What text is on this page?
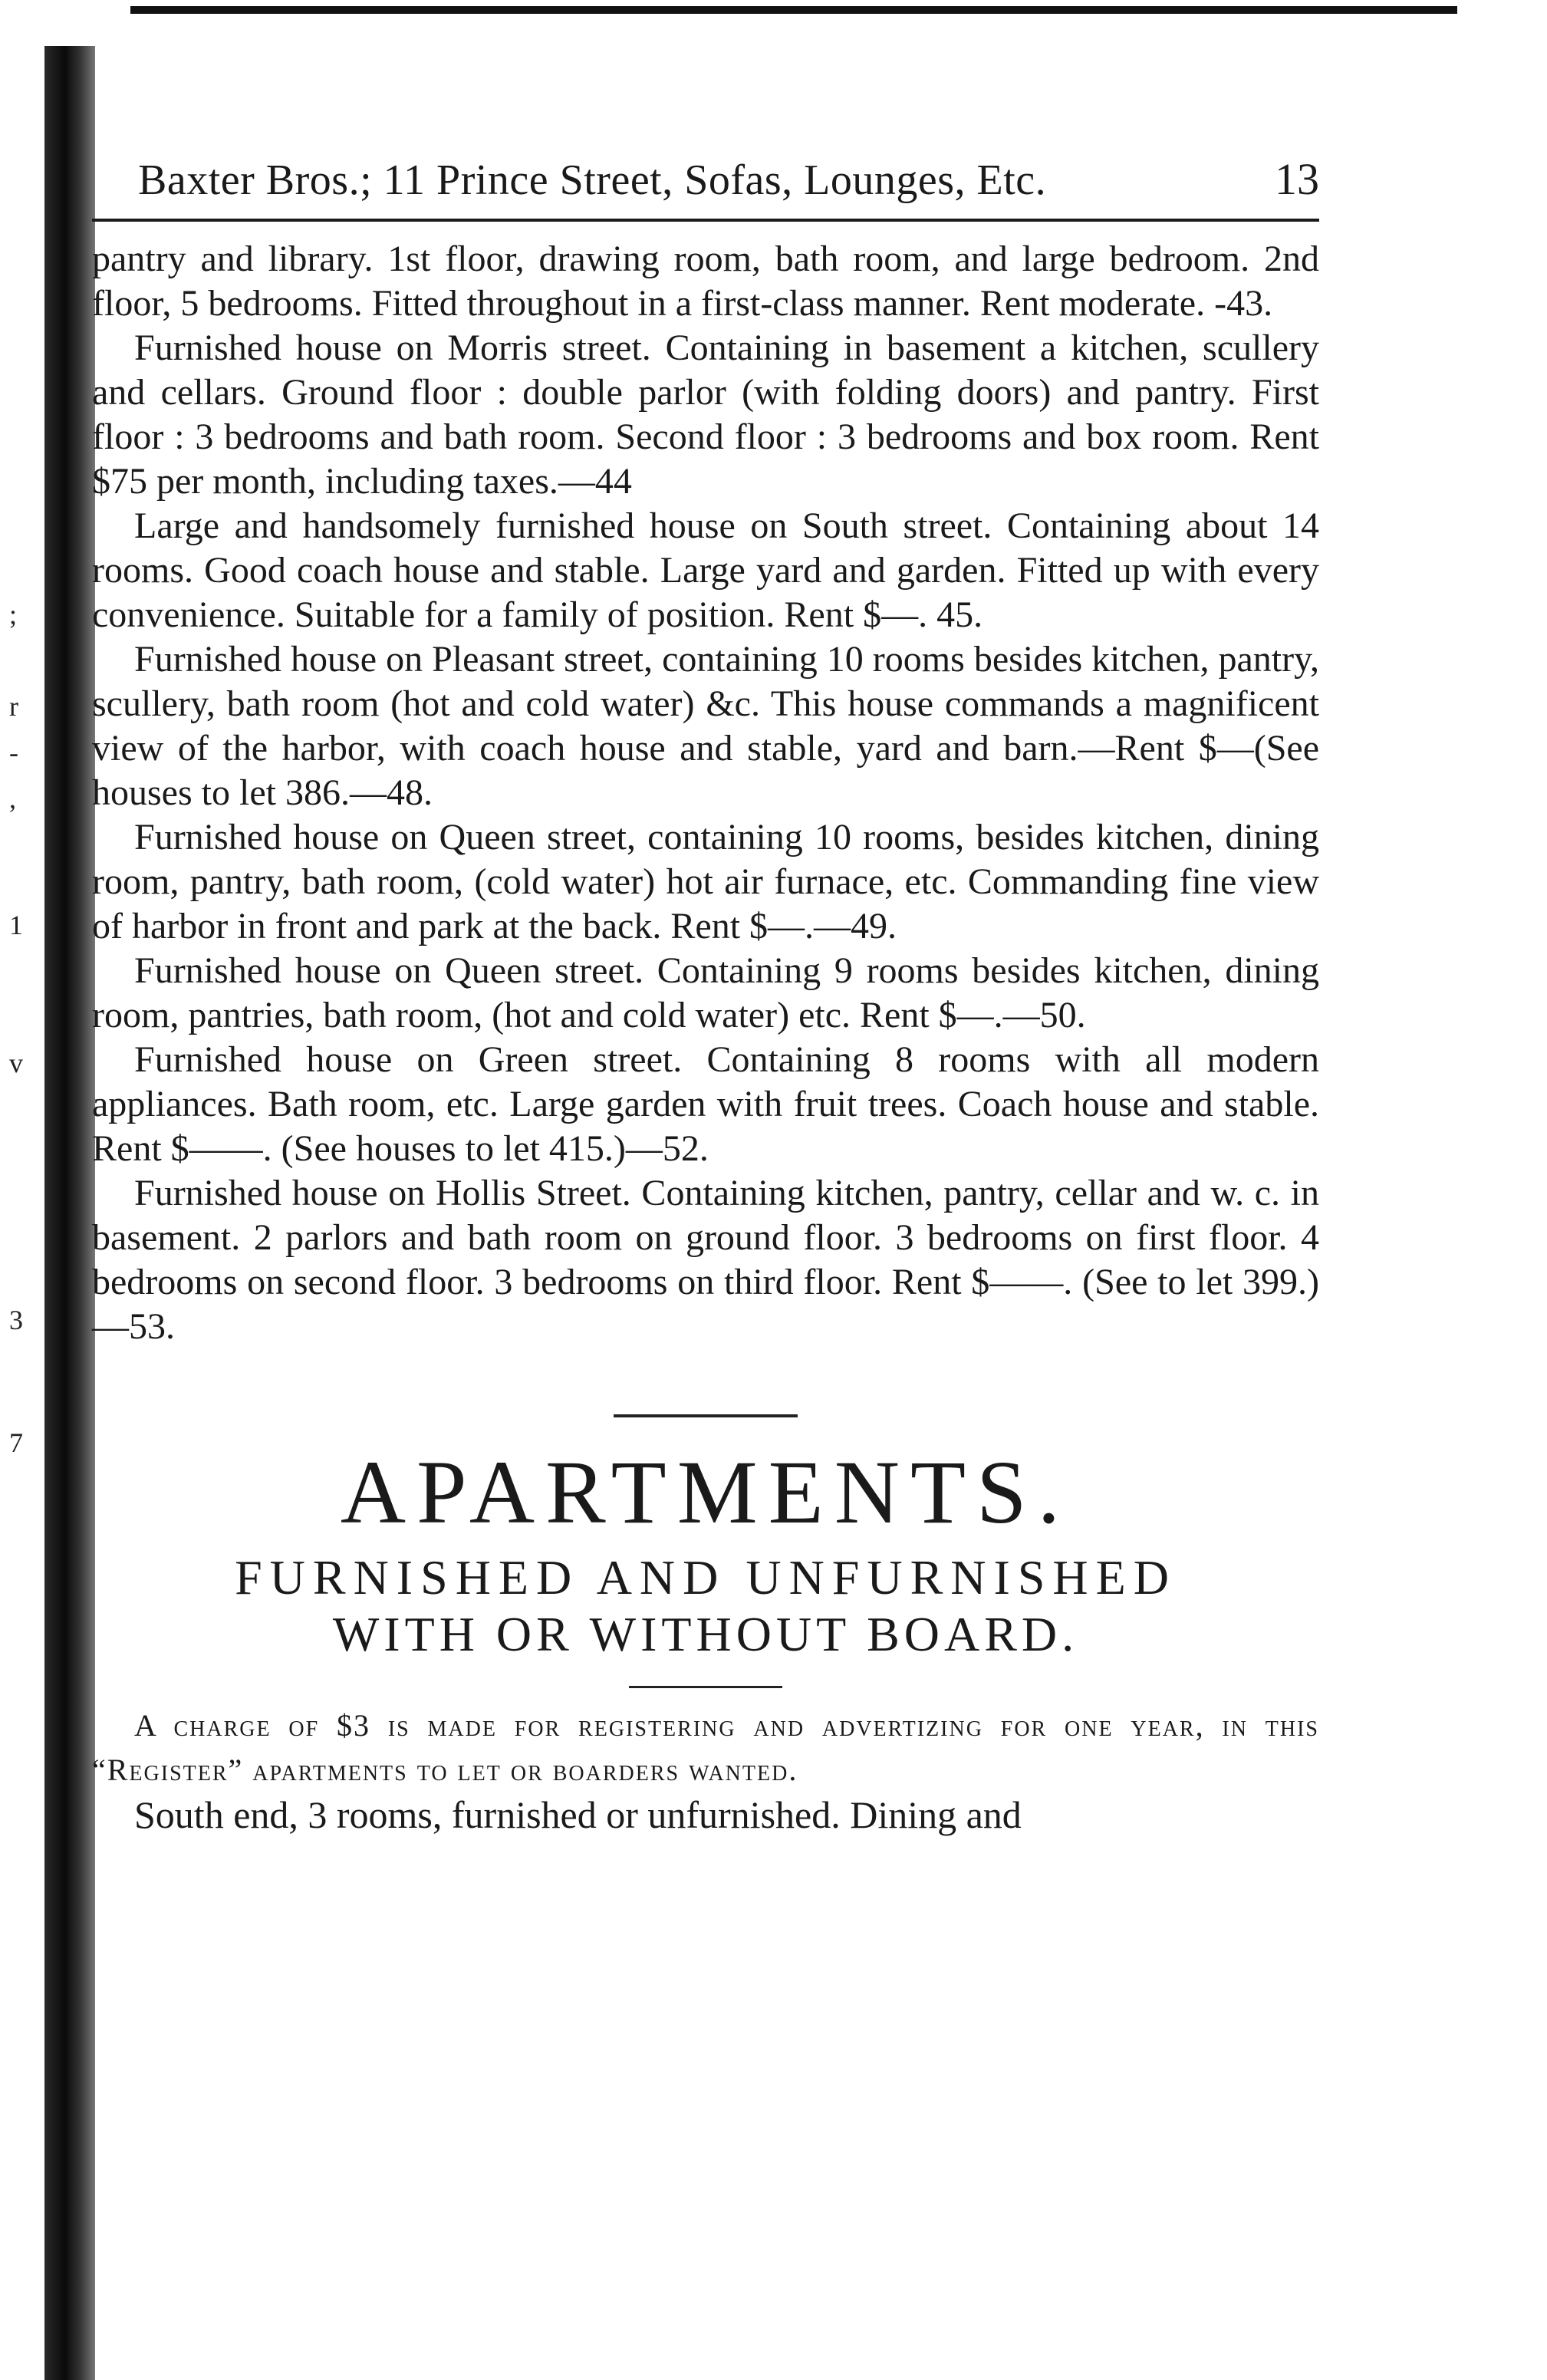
;
r
-
,
1
v
3
7
Baxter Bros.; 11 Prince Street, Sofas, Lounges, Etc.	13

pantry and library. 1st floor, drawing room, bath room, and large bedroom. 2nd floor, 5 bedrooms. Fitted throughout in a first-class manner. Rent moderate. -43.

Furnished house on Morris street. Containing in basement a kitchen, scullery and cellars. Ground floor : double parlor (with folding doors) and pantry. First floor : 3 bedrooms and bath room. Second floor : 3 bedrooms and box room. Rent $75 per month, including taxes.—44

Large and handsomely furnished house on South street. Containing about 14 rooms. Good coach house and stable. Large yard and garden. Fitted up with every convenience. Suitable for a family of position. Rent $—. 45.

Furnished house on Pleasant street, containing 10 rooms besides kitchen, pantry, scullery, bath room (hot and cold water) &c. This house commands a magnificent view of the harbor, with coach house and stable, yard and barn.—Rent $—(See houses to let 386.—48.

Furnished house on Queen street, containing 10 rooms, besides kitchen, dining room, pantry, bath room, (cold water) hot air furnace, etc. Commanding fine view of harbor in front and park at the back. Rent $—.—49.

Furnished house on Queen street. Containing 9 rooms besides kitchen, dining room, pantries, bath room, (hot and cold water) etc. Rent $—.—50.

Furnished house on Green street. Containing 8 rooms with all modern appliances. Bath room, etc. Large garden with fruit trees. Coach house and stable. Rent $——. (See houses to let 415.)—52.

Furnished house on Hollis Street. Containing kitchen, pantry, cellar and w. c. in basement. 2 parlors and bath room on ground floor. 3 bedrooms on first floor. 4 bedrooms on second floor. 3 bedrooms on third floor. Rent $——. (See to let 399.)—53.

APARTMENTS.
FURNISHED AND UNFURNISHED
WITH OR WITHOUT BOARD.

A charge of $3 is made for registering and advertizing for one year, in this “Register” apartments to let or boarders wanted.

South end, 3 rooms, furnished or unfurnished. Dining and
